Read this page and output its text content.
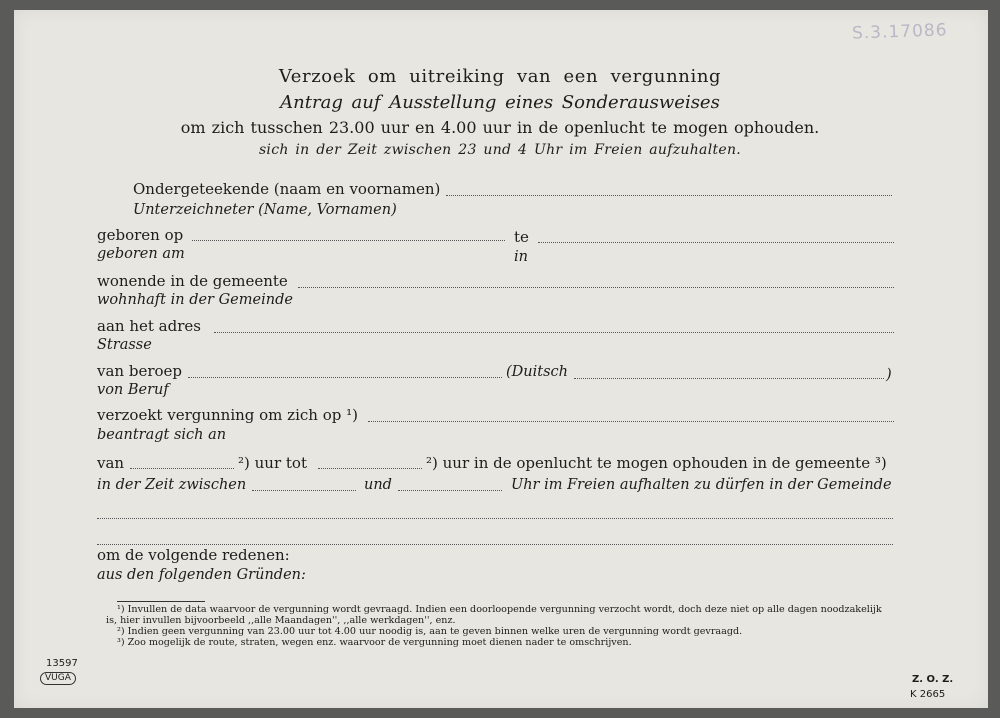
S.3.17086
Verzoek om uitreiking van een vergunning
Antrag auf Ausstellung eines Sonderausweises
om zich tusschen 23.00 uur en 4.00 uur in de openlucht te mogen ophouden.
sich in der Zeit zwischen 23 und 4 Uhr im Freien aufzuhalten.
Ondergeteekende (naam en voornamen)
Unterzeichneter (Name, Vornamen)
geboren op	te
geboren am	in
wonende in de gemeente
wohnhaft in der Gemeinde
aan het adres
Strasse
van beroep	(Duitsch	)
von Beruf
verzoekt vergunning om zich op ¹)
beantragt sich an
van	²) uur tot	²) uur in de openlucht te mogen ophouden in de gemeente ³)
in der Zeit zwischen	und	Uhr im Freien aufhalten zu dürfen in der Gemeinde
om de volgende redenen:
aus den folgenden Gründen:
¹) Invullen de data waarvoor de vergunning wordt gevraagd. Indien een doorloopende vergunning verzocht wordt, doch deze niet op alle dagen noodzakelijk
is, hier invullen bijvoorbeeld ,,alle Maandagen'', ,,alle werkdagen'', enz.
²) Indien geen vergunning van 23.00 uur tot 4.00 uur noodig is, aan te geven binnen welke uren de vergunning wordt gevraagd.
³) Zoo mogelijk de route, straten, wegen enz. waarvoor de vergunning moet dienen nader te omschrijven.
13597
VUGA	Z. O. Z.
K 2665
